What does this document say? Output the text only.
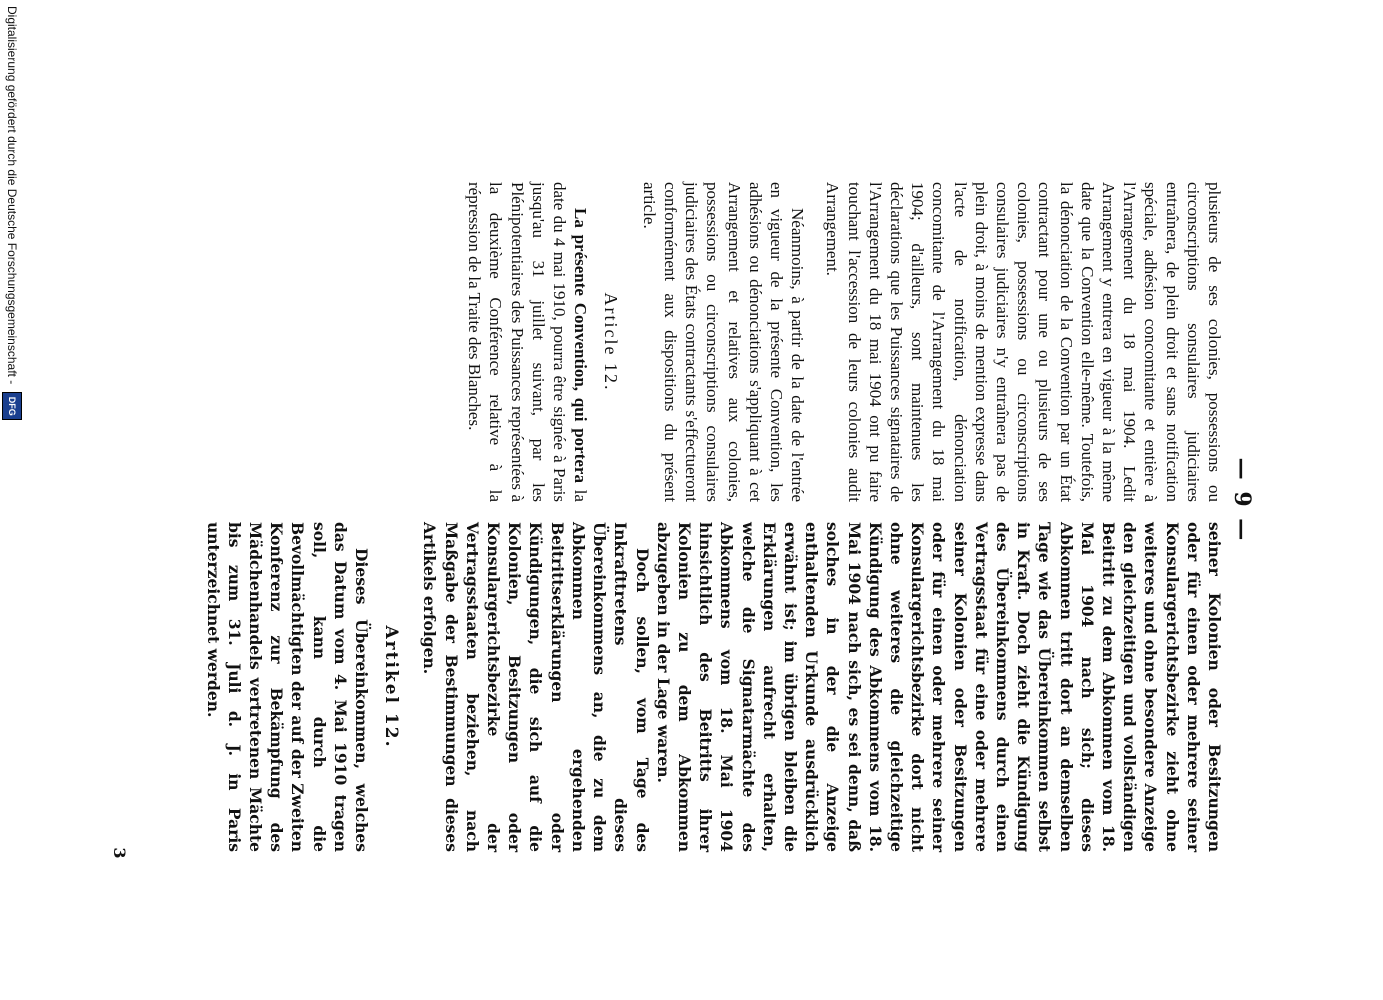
— 9 —

plusieurs de ses colonies, possessions ou circonscriptions sonsulaires judiciaires entraînera, de plein droit et sans notification spéciale, adhésion concomitante et entière à l'Arrangement du 18 mai 1904. Ledit Arrangement y entrera en vigueur à la même date que la Convention elle-même. Toutefois, la dénonciation de la Convention par un État contractant pour une ou plusieurs de ses colonies, possessions ou circonscriptions consulaires judiciaires n'y entraînera pas de plein droit, à moins de mention expresse dans l'acte de notification, dénonciation concomitante de l'Arrangement du 18 mai 1904; d'ailleurs, sont maintenues les déclarations que les Puissances signataires de l'Arrangement du 18 mai 1904 ont pu faire touchant l'accession de leurs colonies audit Arrangement.

Néanmoins, à partir de la date de l'entrée en vigueur de la présente Convention, les adhésions ou dénonciations s'appliquant à cet Arrangement et relatives aux colonies, possessions ou circonscriptions consulaires judiciaires des États contractants s'effectueront conformément aux dispositions du présent article.

Article 12.

La présente Convention, qui portera la date du 4 mai 1910, pourra être signée à Paris jusqu'au 31 juillet suivant, par les Plénipotentiaires des Puissances représentées à la deuxième Conférence relative à la répression de la Traite des Blanches.

seiner Kolonien oder Besitzungen oder für einen oder mehrere seiner Konsulargerichtsbezirke zieht ohne weiteres und ohne besondere Anzeige den gleichzeitigen und vollständigen Beitritt zu dem Abkommen vom 18. Mai 1904 nach sich; dieses Abkommen tritt dort an demselben Tage wie das Übereinkommen selbst in Kraft. Doch zieht die Kündigung des Übereinkommens durch einen Vertragsstaat für eine oder mehrere seiner Kolonien oder Besitzungen oder für einen oder mehrere seiner Konsulargerichtsbezirke dort nicht ohne weiteres die gleichzeitige Kündigung des Abkommens vom 18. Mai 1904 nach sich, es sei denn, daß solches in der die Anzeige enthaltenden Urkunde ausdrücklich erwähnt ist; im übrigen bleiben die Erklärungen aufrecht erhalten, welche die Signatarmächte des Abkommens vom 18. Mai 1904 hinsichtlich des Beitritts ihrer Kolonien zu dem Abkommen abzugeben in der Lage waren.

Doch sollen, vom Tage des Inkrafttretens dieses Übereinkommens an, die zu dem Abkommen ergehenden Beitrittserklärungen oder Kündigungen, die sich auf die Kolonien, Besitzungen oder Konsulargerichtsbezirke der Vertragsstaaten beziehen, nach Maßgabe der Bestimmungen dieses Artikels erfolgen.

Artikel 12.

Dieses Übereinkommen, welches das Datum vom 4. Mai 1910 tragen soll, kann durch die Bevollmächtigten der auf der Zweiten Konferenz zur Bekämpfung des Mädchenhandels vertretenen Mächte bis zum 31. Juli d. J. in Paris unterzeichnet werden.

3
Digitalisierung gefördert durch die Deutsche Forschungsgemeinschaft -
DFG
